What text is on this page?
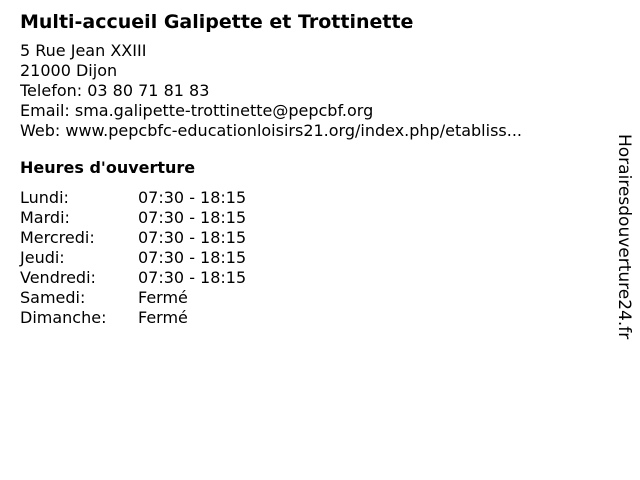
Multi-accueil Galipette et Trottinette
5 Rue Jean XXIII
21000 Dijon
Telefon: 03 80 71 81 83
Email: sma.galipette-trottinette@pepcbf.org
Web: www.pepcbfc-educationloisirs21.org/index.php/etabliss...
Heures d'ouverture
Lundi:	07:30 - 18:15
Mardi:	07:30 - 18:15
Mercredi:	07:30 - 18:15
Jeudi:	07:30 - 18:15
Vendredi:	07:30 - 18:15
Samedi:	Fermé
Dimanche:	Fermé	Horairesdouverture24.fr
